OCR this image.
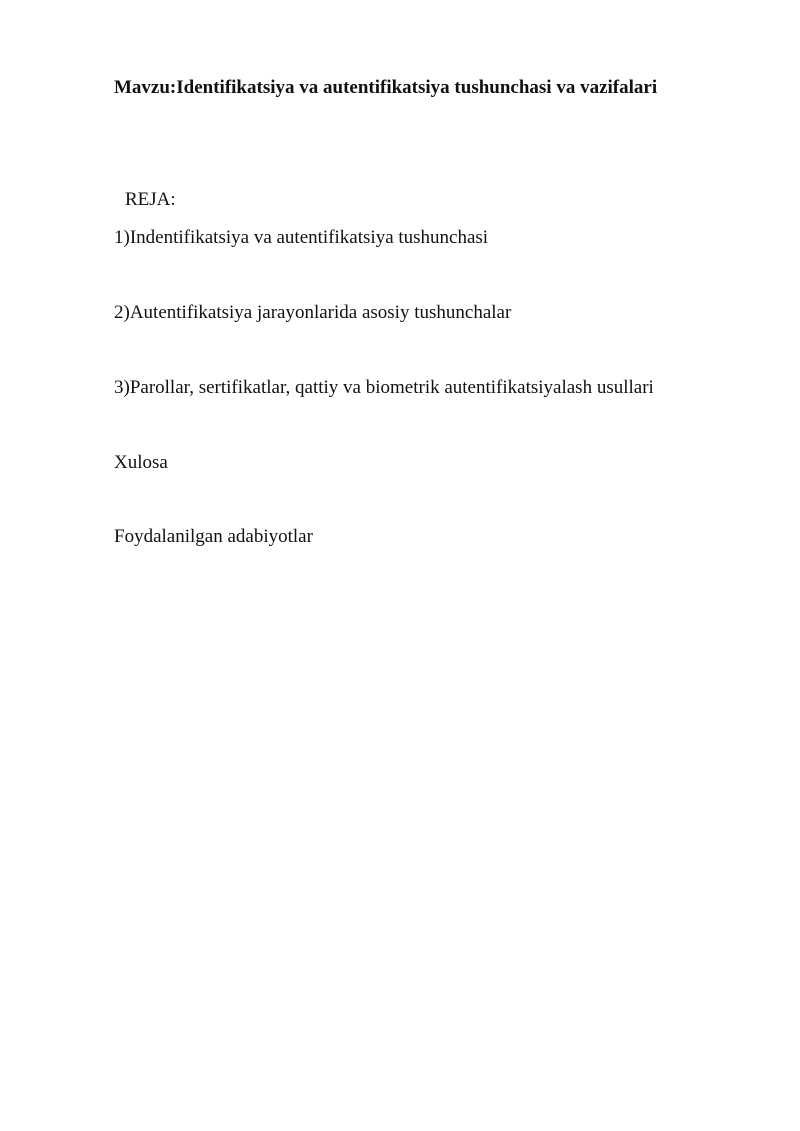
Mavzu:Identifikatsiya va autentifikatsiya tushunchasi va vazifalari

REJA:

1)Indentifikatsiya va autentifikatsiya tushunchasi

2)Autentifikatsiya jarayonlarida asosiy tushunchalar

3)Parollar, sertifikatlar, qattiy va biometrik autentifikatsiyalash usullari

Xulosa

Foydalanilgan adabiyotlar
